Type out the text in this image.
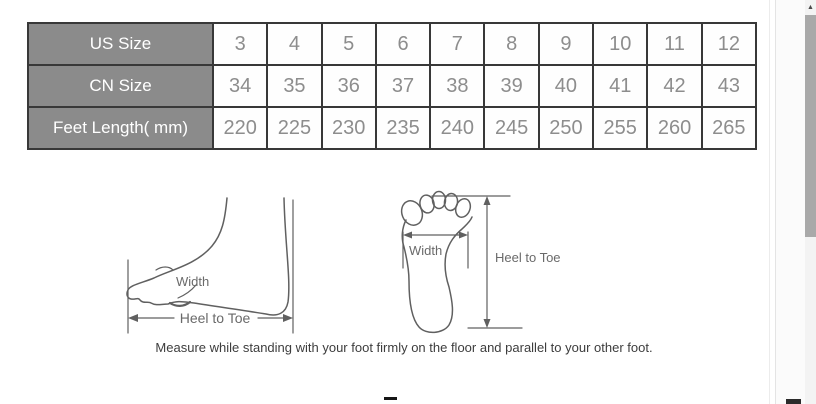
US Size	3	4	5	6	7	8	9	10	11	12
CN Size	34	35	36	37	38	39	40	41	42	43
Feet Length( mm)	220	225	230	235	240	245	250	255	260	265
Width
Heel to Toe
Width	Heel to Toe
Measure while standing with your foot firmly on the floor and parallel to your other foot.
▲
